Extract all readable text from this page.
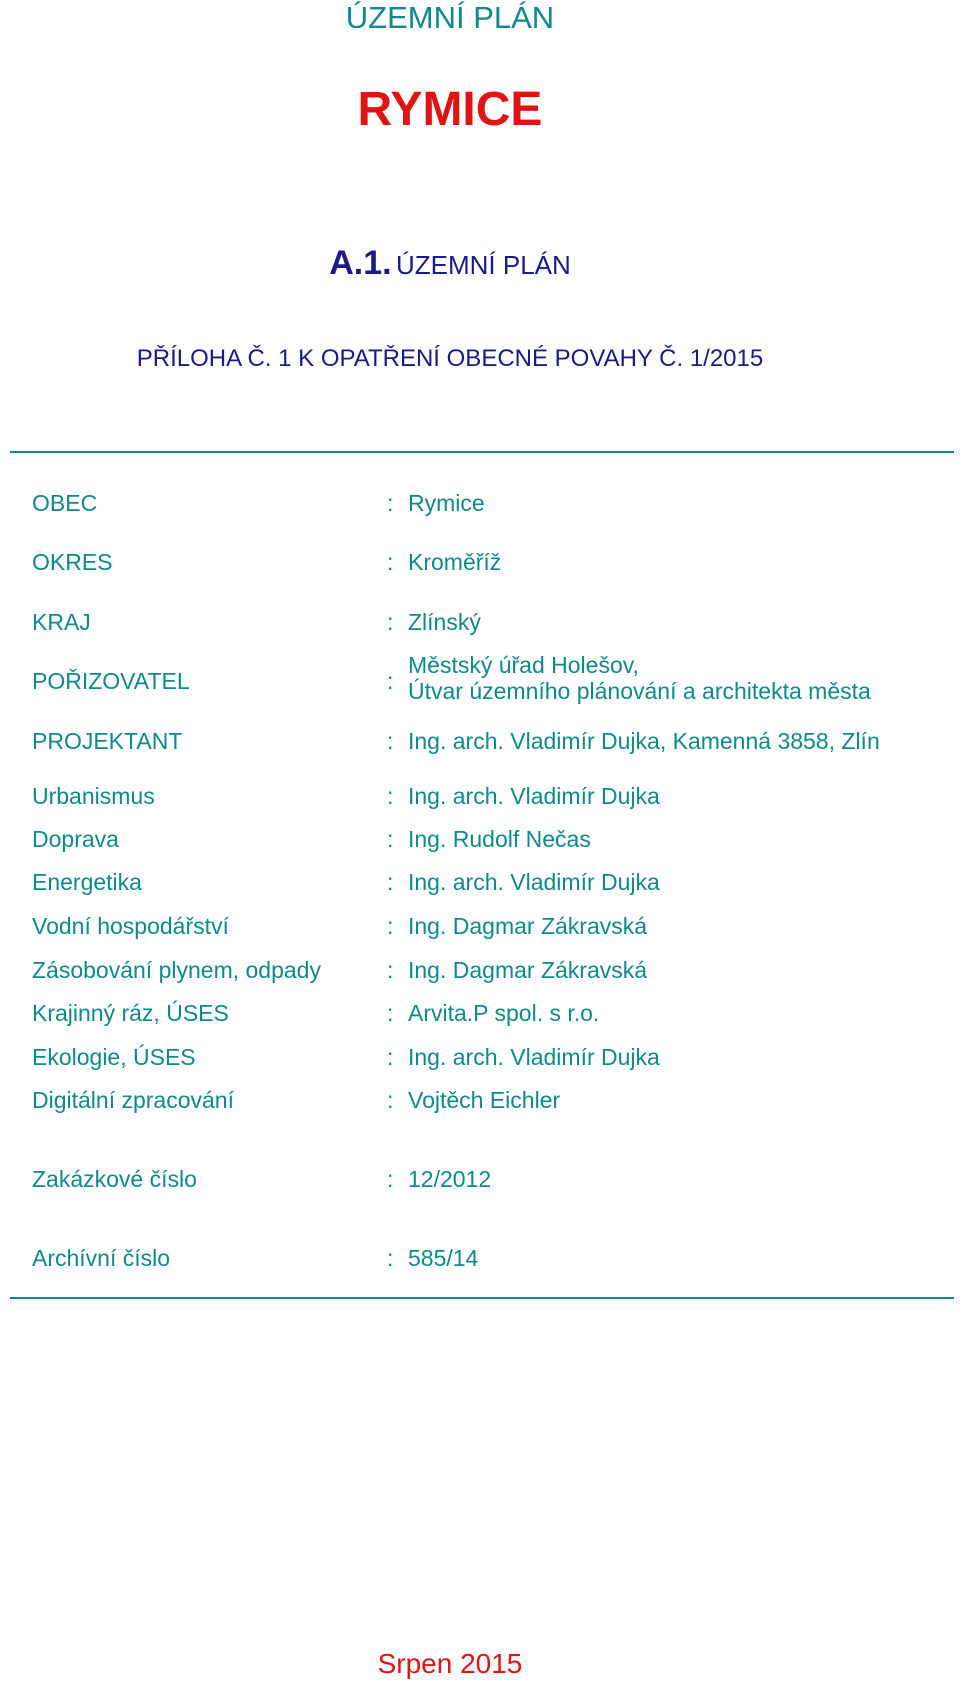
ÚZEMNÍ PLÁN
RYMICE
A.1. ÚZEMNÍ PLÁN
PŘÍLOHA Č. 1 K OPATŘENÍ OBECNÉ POVAHY Č. 1/2015
OBEC	: Rymice
OKRES	: Kroměříž
KRAJ	: Zlínský
POŘIZOVATEL	:
Městský úřad Holešov,
Útvar územního plánování a architekta města
PROJEKTANT	: Ing. arch. Vladimír Dujka, Kamenná 3858, Zlín
Urbanismus	: Ing. arch. Vladimír Dujka
Doprava	: Ing. Rudolf Nečas
Energetika	: Ing. arch. Vladimír Dujka
Vodní hospodářství	: Ing. Dagmar Zákravská
Zásobování plynem, odpady	: Ing. Dagmar Zákravská
Krajinný ráz, ÚSES	: Arvita.P spol. s r.o.
Ekologie, ÚSES	: Ing. arch. Vladimír Dujka
Digitální zpracování	: Vojtěch Eichler
Zakázkové číslo	: 12/2012
Archívní číslo	: 585/14
Srpen 2015
